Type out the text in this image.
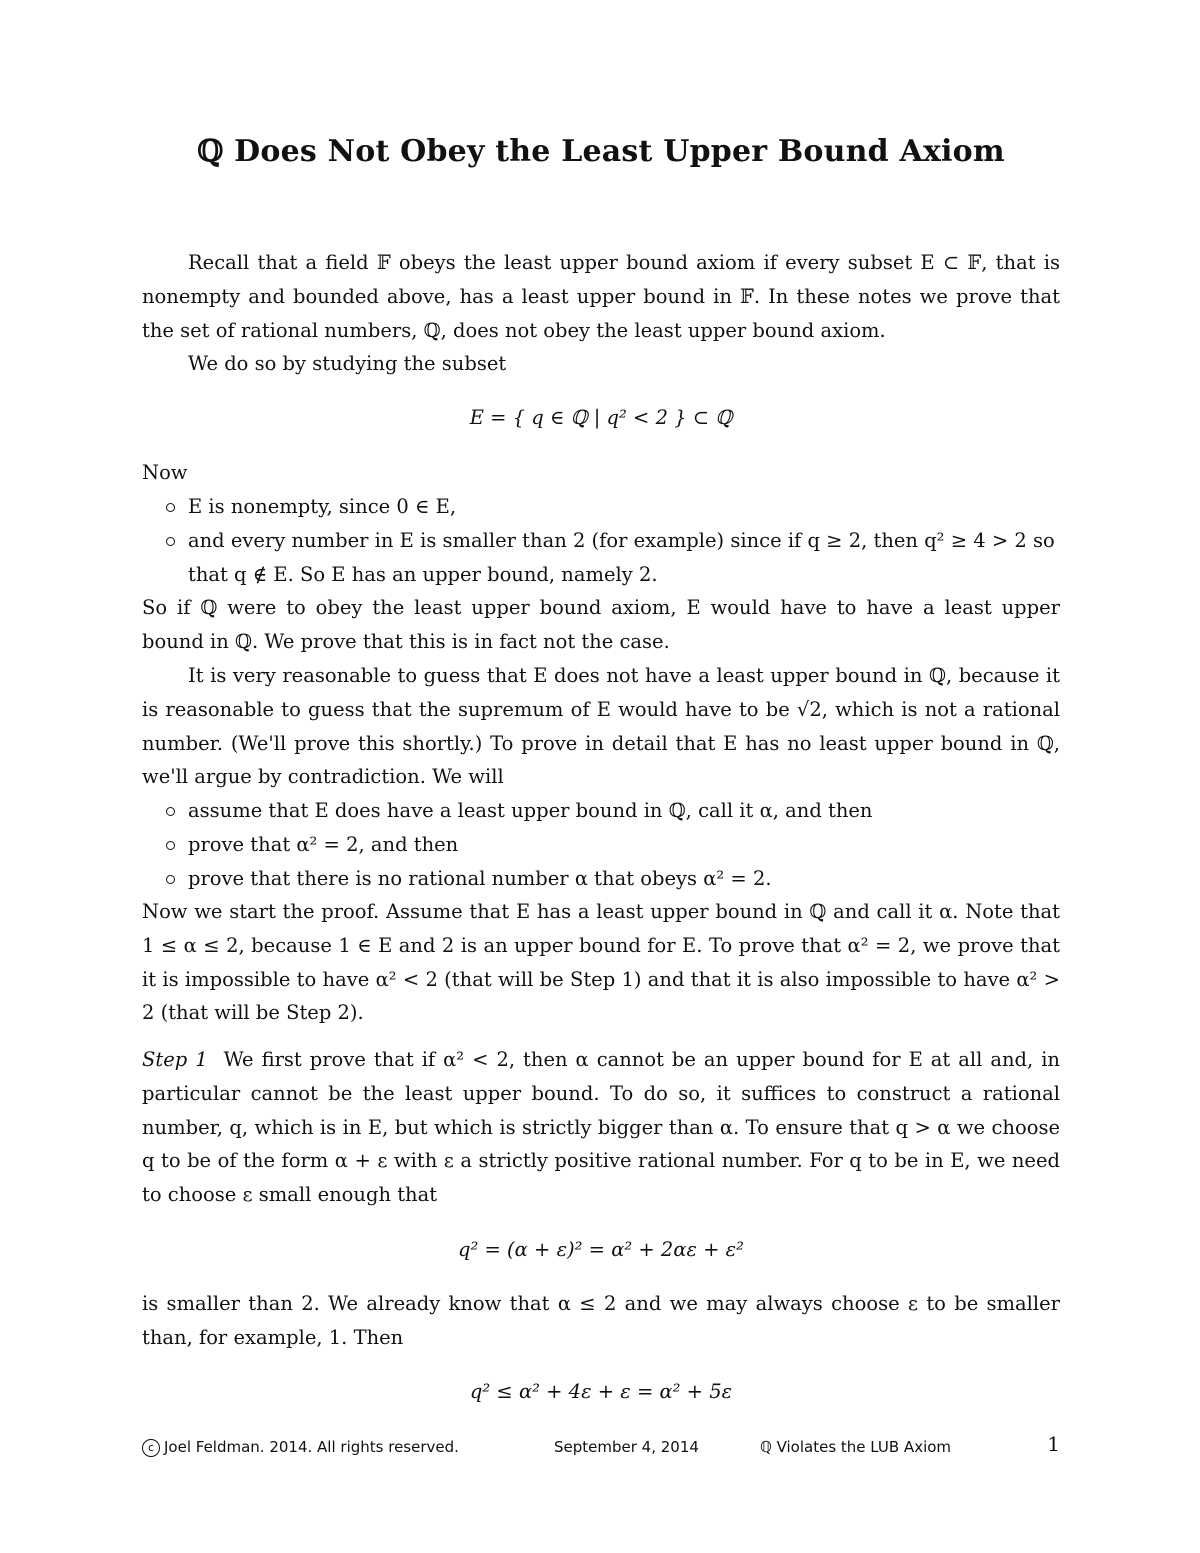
ℚ Does Not Obey the Least Upper Bound Axiom
Recall that a field 𝔽 obeys the least upper bound axiom if every subset E ⊂ 𝔽, that is nonempty and bounded above, has a least upper bound in 𝔽. In these notes we prove that the set of rational numbers, ℚ, does not obey the least upper bound axiom.
We do so by studying the subset
E = { q ∈ ℚ | q² < 2 } ⊂ ℚ
Now
E is nonempty, since 0 ∈ E,
and every number in E is smaller than 2 (for example) since if q ≥ 2, then q² ≥ 4 > 2 so that q ∉ E. So E has an upper bound, namely 2.
So if ℚ were to obey the least upper bound axiom, E would have to have a least upper bound in ℚ. We prove that this is in fact not the case.
It is very reasonable to guess that E does not have a least upper bound in ℚ, because it is reasonable to guess that the supremum of E would have to be √2, which is not a rational number. (We'll prove this shortly.) To prove in detail that E has no least upper bound in ℚ, we'll argue by contradiction. We will
assume that E does have a least upper bound in ℚ, call it α, and then
prove that α² = 2, and then
prove that there is no rational number α that obeys α² = 2.
Now we start the proof. Assume that E has a least upper bound in ℚ and call it α. Note that 1 ≤ α ≤ 2, because 1 ∈ E and 2 is an upper bound for E. To prove that α² = 2, we prove that it is impossible to have α² < 2 (that will be Step 1) and that it is also impossible to have α² > 2 (that will be Step 2).
Step 1 We first prove that if α² < 2, then α cannot be an upper bound for E at all and, in particular cannot be the least upper bound. To do so, it suffices to construct a rational number, q, which is in E, but which is strictly bigger than α. To ensure that q > α we choose q to be of the form α + ε with ε a strictly positive rational number. For q to be in E, we need to choose ε small enough that
q² = (α + ε)² = α² + 2αε + ε²
is smaller than 2. We already know that α ≤ 2 and we may always choose ε to be smaller than, for example, 1. Then
q² ≤ α² + 4ε + ε = α² + 5ε
c Joel Feldman. 2014. All rights reserved.	September 4, 2014	ℚ Violates the LUB Axiom	1
